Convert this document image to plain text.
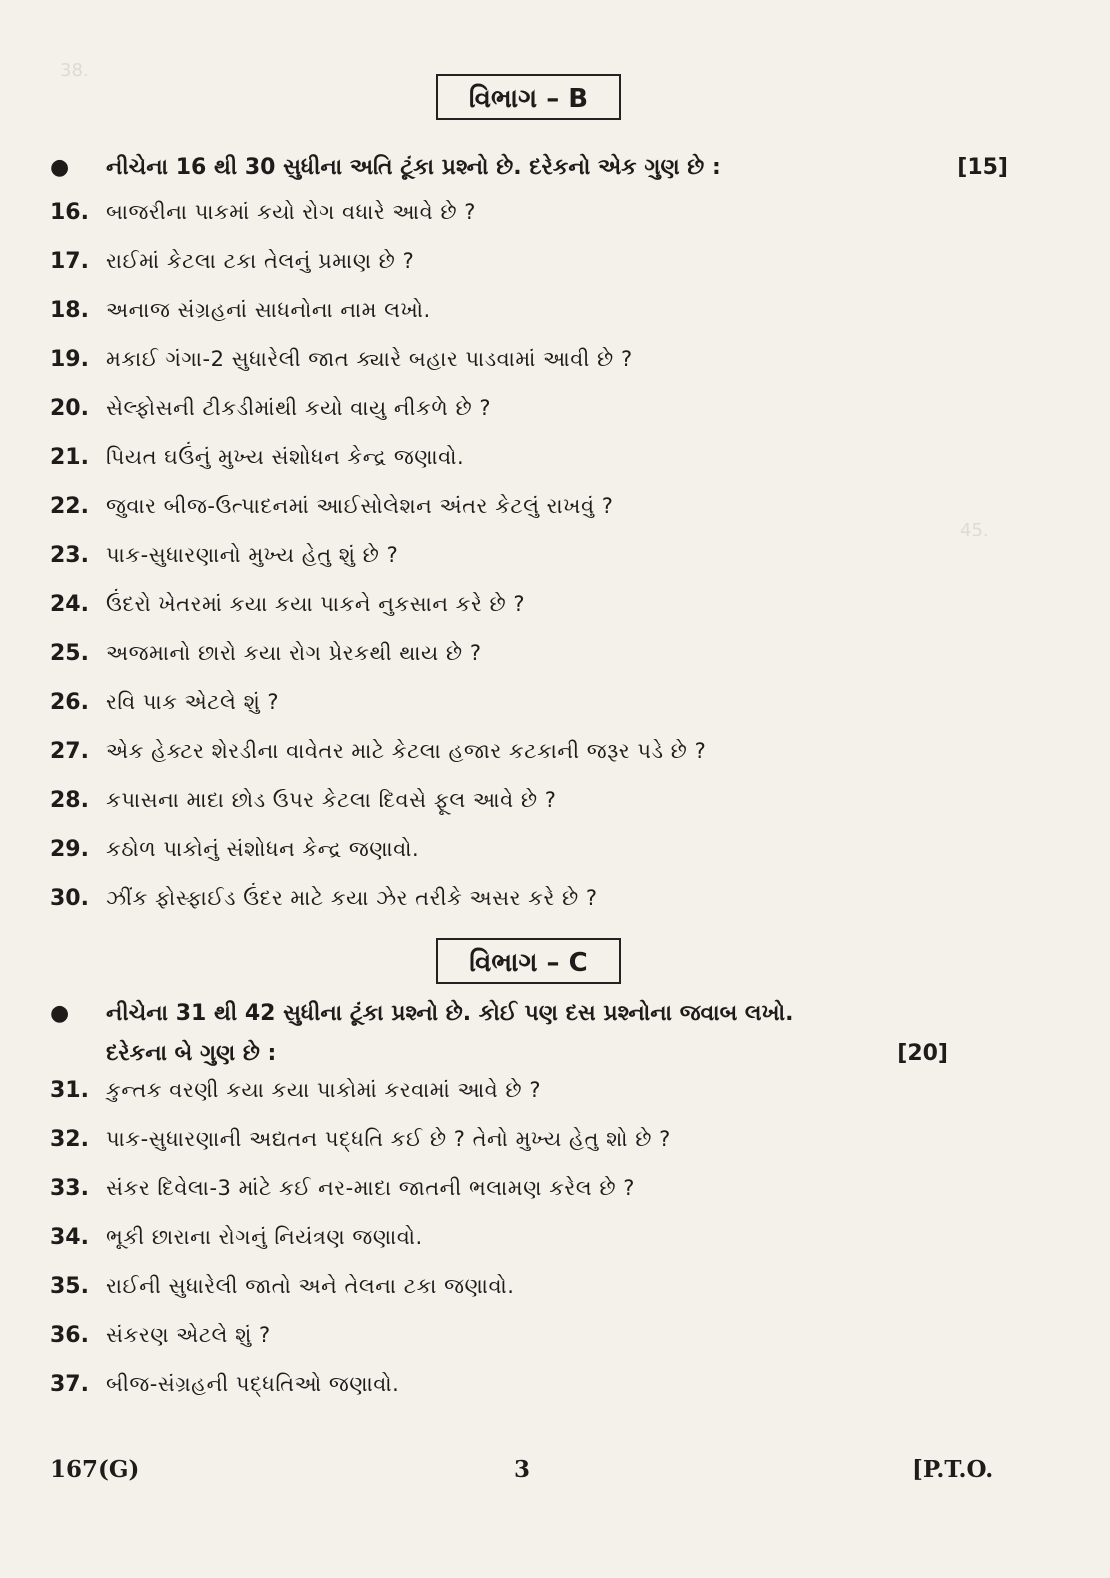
38.
45.
વિભાગ – B
● નીચેના 16 થી 30 સુધીના અતિ ટૂંકા પ્રશ્નો છે. દરેકનો એક ગુણ છે :	[15]
16. બાજરીના પાકમાં કયો રોગ વધારે આવે છે ?
17. રાઈમાં કેટલા ટકા તેલનું પ્રમાણ છે ?
18. અનાજ સંગ્રહનાં સાધનોના નામ લખો.
19. મકાઈ ગંગા-2 સુધારેલી જાત ક્યારે બહાર પાડવામાં આવી છે ?
20. સેલ્ફોસની ટીકડીમાંથી કયો વાયુ નીકળે છે ?
21. પિયત ઘઉંનું મુખ્ય સંશોધન કેન્દ્ર જણાવો.
22. જુવાર બીજ-ઉત્પાદનમાં આઈસોલેશન અંતર કેટલું રાખવું ?
23. પાક-સુધારણાનો મુખ્ય હેતુ શું છે ?
24. ઉંદરો ખેતરમાં કયા કયા પાકને નુકસાન કરે છે ?
25. અજમાનો છારો કયા રોગ પ્રેરકથી થાય છે ?
26. રવિ પાક એટલે શું ?
27. એક હેક્ટર શેરડીના વાવેતર માટે કેટલા હજાર કટકાની જરૂર પડે છે ?
28. કપાસના માદા છોડ ઉપર કેટલા દિવસે ફૂલ આવે છે ?
29. કઠોળ પાકોનું સંશોધન કેન્દ્ર જણાવો.
30. ઝીંક ફોસ્ફાઈડ ઉંદર માટે કયા ઝેર તરીકે અસર કરે છે ?
વિભાગ – C
● નીચેના 31 થી 42 સુધીના ટૂંકા પ્રશ્નો છે. કોઈ પણ દસ પ્રશ્નોના જવાબ લખો.
દરેકના બે ગુણ છે :	[20]
31. કુન્તક વરણી કયા કયા પાકોમાં કરવામાં આવે છે ?
32. પાક-સુધારણાની અદ્યતન પદ્ધતિ કઈ છે ? તેનો મુખ્ય હેતુ શો છે ?
33. સંકર દિવેલા-3 માંટે કઈ નર-માદા જાતની ભલામણ કરેલ છે ?
34. ભૂકી છારાના રોગનું નિયંત્રણ જણાવો.
35. રાઈની સુધારેલી જાતો અને તેલના ટકા જણાવો.
36. સંકરણ એટલે શું ?
37. બીજ-સંગ્રહની પદ્ધતિઓ જણાવો.
167(G)	3	[P.T.O.
